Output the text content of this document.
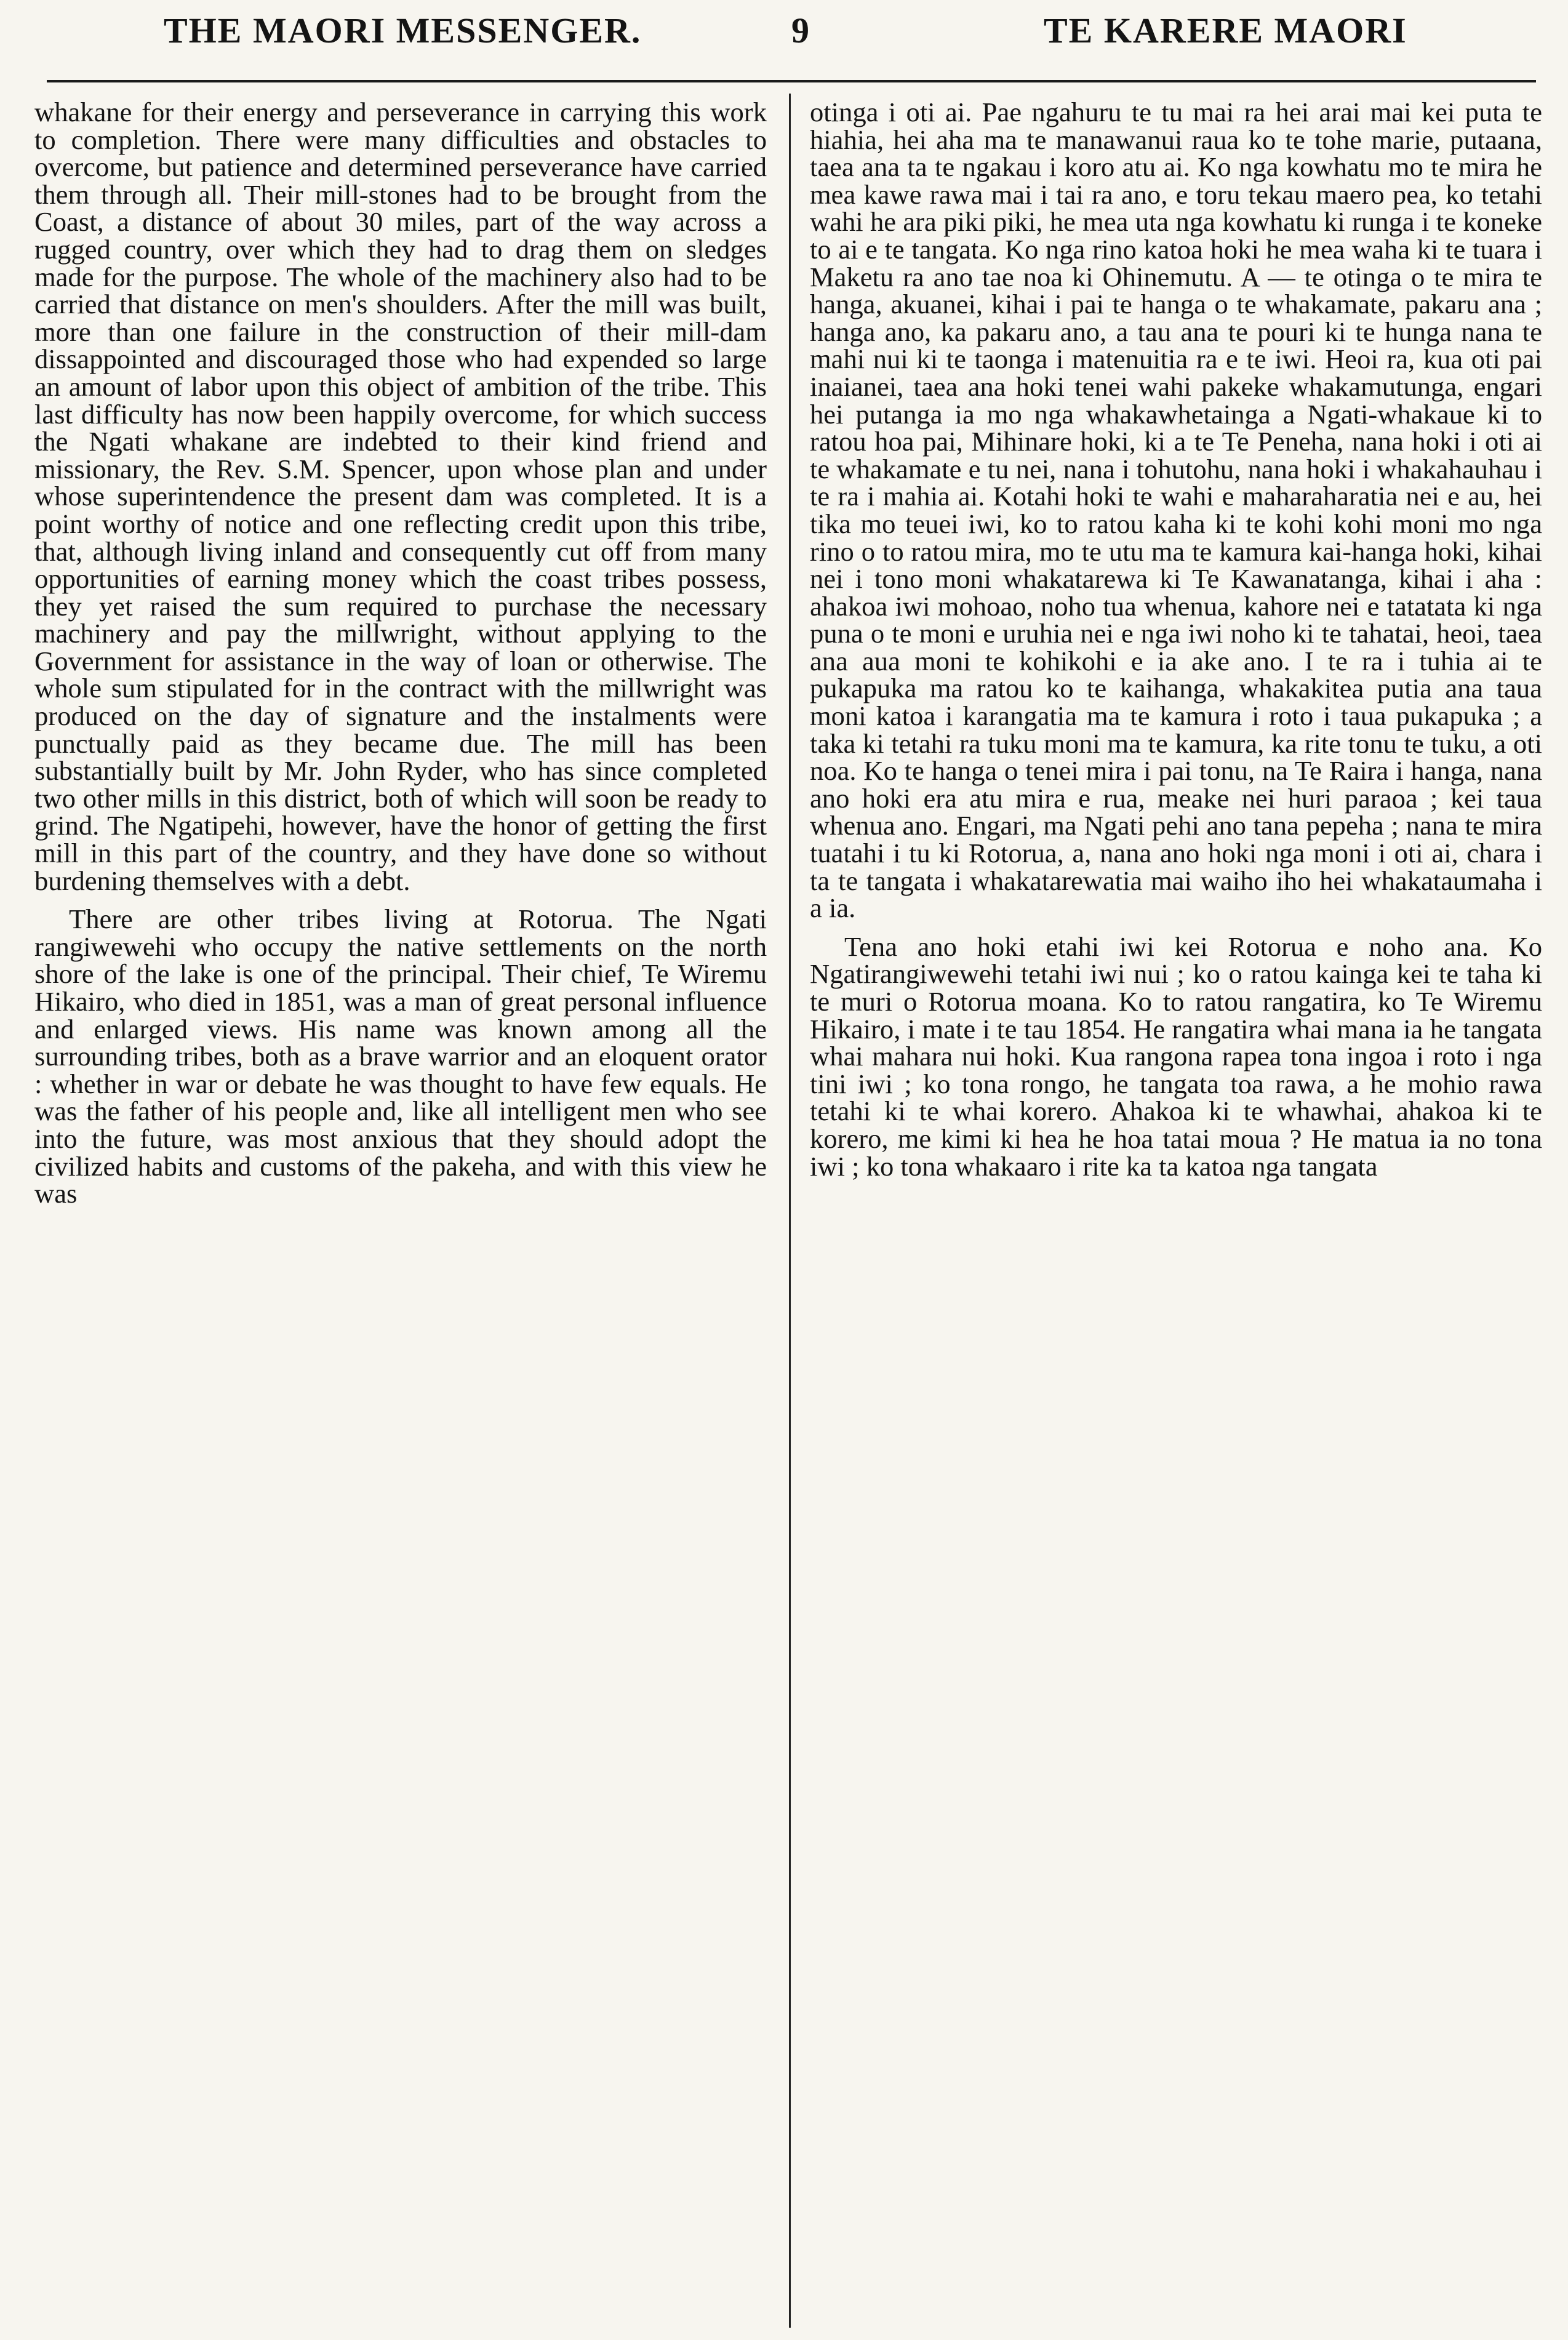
THE MAORI MESSENGER.	9	TE KARERE MAORI

whakane for their energy and perseverance in carrying this work to completion. There were many difficulties and obstacles to overcome, but patience and determined perseverance have carried them through all. Their mill-stones had to be brought from the Coast, a distance of about 30 miles, part of the way across a rugged country, over which they had to drag them on sledges made for the purpose. The whole of the machinery also had to be carried that distance on men's shoulders. After the mill was built, more than one failure in the construction of their mill-dam dissappointed and discouraged those who had expended so large an amount of labor upon this object of ambition of the tribe. This last difficulty has now been happily overcome, for which success the Ngati whakane are indebted to their kind friend and missionary, the Rev. S.M. Spencer, upon whose plan and under whose superintendence the present dam was completed. It is a point worthy of notice and one reflecting credit upon this tribe, that, although living inland and consequently cut off from many opportunities of earning money which the coast tribes possess, they yet raised the sum required to purchase the necessary machinery and pay the millwright, without applying to the Government for assistance in the way of loan or otherwise. The whole sum stipulated for in the contract with the millwright was produced on the day of signature and the instalments were punctually paid as they became due. The mill has been substantially built by Mr. John Ryder, who has since completed two other mills in this district, both of which will soon be ready to grind. The Ngatipehi, however, have the honor of getting the first mill in this part of the country, and they have done so without burdening themselves with a debt.

There are other tribes living at Rotorua. The Ngati rangiwewehi who occupy the native settlements on the north shore of the lake is one of the principal. Their chief, Te Wiremu Hikairo, who died in 1851, was a man of great personal influence and enlarged views. His name was known among all the surrounding tribes, both as a brave warrior and an eloquent orator : whether in war or debate he was thought to have few equals. He was the father of his people and, like all intelligent men who see into the future, was most anxious that they should adopt the civilized habits and customs of the pakeha, and with this view he was

otinga i oti ai. Pae ngahuru te tu mai ra hei arai mai kei puta te hiahia, hei aha ma te manawanui raua ko te tohe marie, putaana, taea ana ta te ngakau i koro atu ai. Ko nga kowhatu mo te mira he mea kawe rawa mai i tai ra ano, e toru tekau maero pea, ko tetahi wahi he ara piki piki, he mea uta nga kowhatu ki runga i te koneke to ai e te tangata. Ko nga rino katoa hoki he mea waha ki te tuara i Maketu ra ano tae noa ki Ohinemutu. A — te otinga o te mira te hanga, akuanei, kihai i pai te hanga o te whakamate, pakaru ana ; hanga ano, ka pakaru ano, a tau ana te pouri ki te hunga nana te mahi nui ki te taonga i matenuitia ra e te iwi. Heoi ra, kua oti pai inaianei, taea ana hoki tenei wahi pakeke whakamutunga, engari hei putanga ia mo nga whakawhetainga a Ngati-whakaue ki to ratou hoa pai, Mihinare hoki, ki a te Te Peneha, nana hoki i oti ai te whakamate e tu nei, nana i tohutohu, nana hoki i whakahauhau i te ra i mahia ai. Kotahi hoki te wahi e maharaharatia nei e au, hei tika mo teuei iwi, ko to ratou kaha ki te kohi kohi moni mo nga rino o to ratou mira, mo te utu ma te kamura kai-hanga hoki, kihai nei i tono moni whakatarewa ki Te Kawanatanga, kihai i aha : ahakoa iwi mohoao, noho tua whenua, kahore nei e tatatata ki nga puna o te moni e uruhia nei e nga iwi noho ki te tahatai, heoi, taea ana aua moni te kohikohi e ia ake ano. I te ra i tuhia ai te pukapuka ma ratou ko te kaihanga, whakakitea putia ana taua moni katoa i karangatia ma te kamura i roto i taua pukapuka ; a taka ki tetahi ra tuku moni ma te kamura, ka rite tonu te tuku, a oti noa. Ko te hanga o tenei mira i pai tonu, na Te Raira i hanga, nana ano hoki era atu mira e rua, meake nei huri paraoa ; kei taua whenua ano. Engari, ma Ngati pehi ano tana pepeha ; nana te mira tuatahi i tu ki Rotorua, a, nana ano hoki nga moni i oti ai, chara i ta te tangata i whakatarewatia mai waiho iho hei whakataumaha i a ia.

Tena ano hoki etahi iwi kei Rotorua e noho ana. Ko Ngatirangiwewehi tetahi iwi nui ; ko o ratou kainga kei te taha ki te muri o Rotorua moana. Ko to ratou rangatira, ko Te Wiremu Hikairo, i mate i te tau 1854. He rangatira whai mana ia he tangata whai mahara nui hoki. Kua rangona rapea tona ingoa i roto i nga tini iwi ; ko tona rongo, he tangata toa rawa, a he mohio rawa tetahi ki te whai korero. Ahakoa ki te whawhai, ahakoa ki te korero, me kimi ki hea he hoa tatai moua ? He matua ia no tona iwi ; ko tona whakaaro i rite ka ta katoa nga tangata
